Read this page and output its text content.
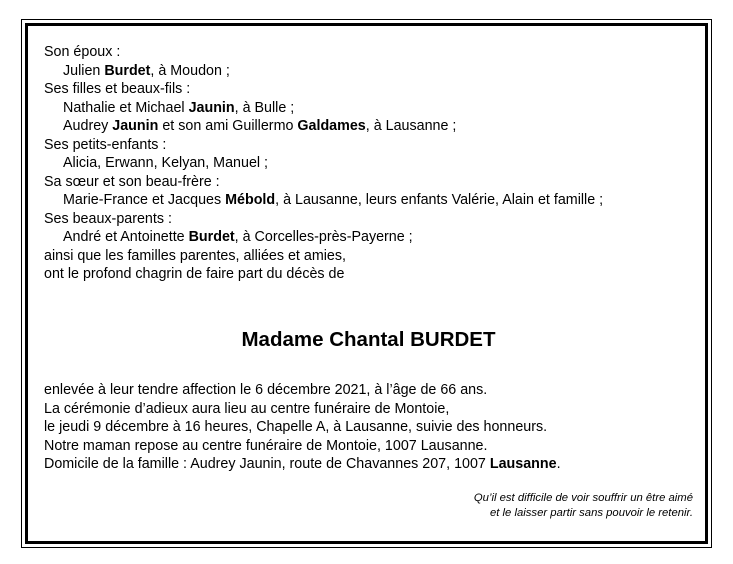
Son époux :
Julien Burdet, à Moudon ;
Ses filles et beaux-fils :
Nathalie et Michael Jaunin, à Bulle ;
Audrey Jaunin et son ami Guillermo Galdames, à Lausanne ;
Ses petits-enfants :
Alicia, Erwann, Kelyan, Manuel ;
Sa sœur et son beau-frère :
Marie-France et Jacques Mébold, à Lausanne, leurs enfants Valérie, Alain et famille ;
Ses beaux-parents :
André et Antoinette Burdet, à Corcelles-près-Payerne ;
ainsi que les familles parentes, alliées et amies,
ont le profond chagrin de faire part du décès de
Madame Chantal BURDET
enlevée à leur tendre affection le 6 décembre 2021, à l’âge de 66 ans.
La cérémonie d’adieux aura lieu au centre funéraire de Montoie,
le jeudi 9 décembre à 16 heures, Chapelle A, à Lausanne, suivie des honneurs.
Notre maman repose au centre funéraire de Montoie, 1007 Lausanne.
Domicile de la famille : Audrey Jaunin, route de Chavannes 207, 1007 Lausanne.
Qu’il est difficile de voir souffrir un être aimé
et le laisser partir sans pouvoir le retenir.
